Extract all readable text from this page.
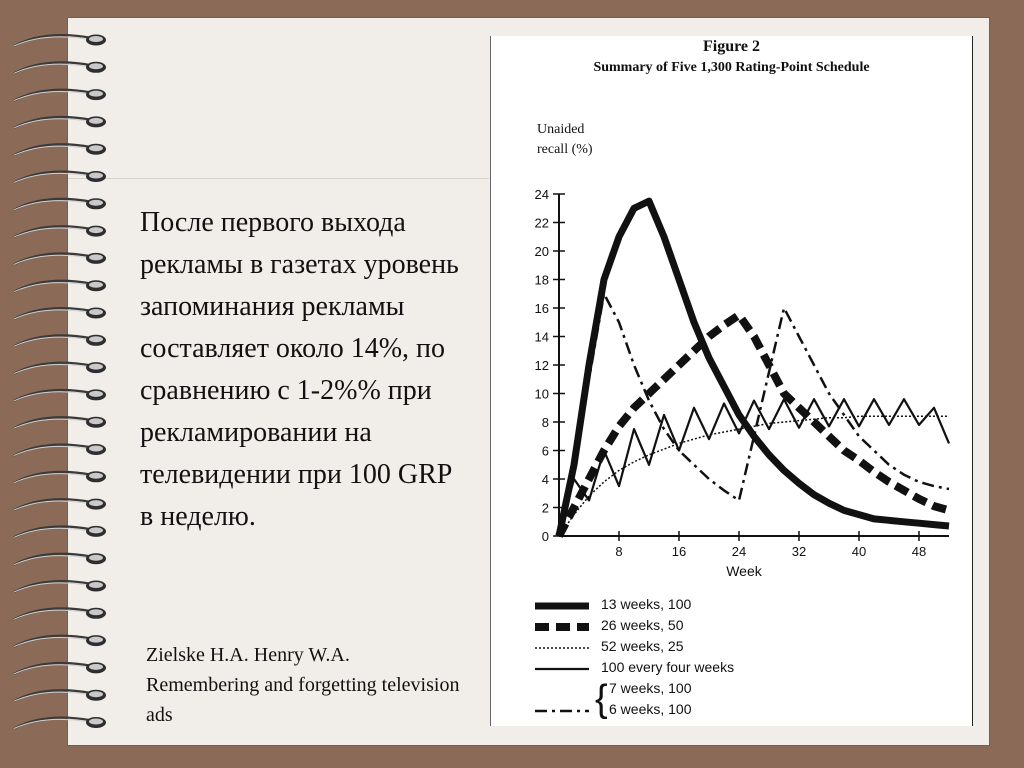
После первого выхода рекламы в газетах уровень запоминания рекламы составляет около 14%, по сравнению с 1-2%% при рекламировании на телевидении при 100 GRP в неделю.
Zielske H.A. Henry W.A. Remembering and forgetting television ads
Figure 2
Summary of Five 1,300 Rating-Point Schedule
Unaided recall (%)
0
2
4
6
8
10
12
14
16
18
20
22
24
8	16	24	32	40	48
Week
13 weeks, 100
26 weeks, 50
52 weeks, 25
100 every four weeks
7 weeks, 100
{ 6 weeks, 100
